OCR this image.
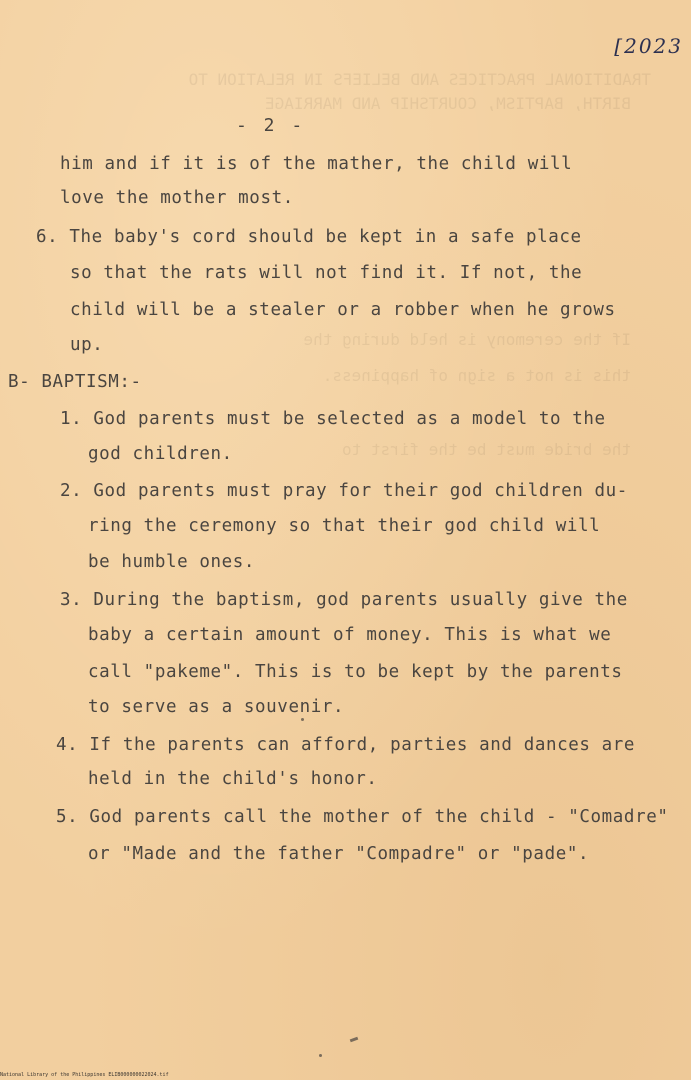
TRADITIONAL PRACTICES AND BELIEFS IN RELATION TO
BIRTH, BAPTISM, COURTSHIP AND MARRIAGE
If the ceremony is held during the
this is not a sign of happiness.
the bride must be the first to
[2023
- 2 -
him and if it is of the mather, the child will
love the mother most.
6. The baby's cord should be kept in a safe place
so that the rats will not find it. If not, the
child will be a stealer or a robber when he grows
up.
B- BAPTISM:-
1. God parents must be selected as a model to the
god children.
2. God parents must pray for their god children du-
ring the ceremony so that their god child will
be humble ones.
3. During the baptism, god parents usually give the
baby a certain amount of money. This is what we
call "pakeme". This is to be kept by the parents
to serve as a souvenir.
4. If the parents can afford, parties and dances are
held in the child's honor.
5. God parents call the mother of the child - "Comadre"
or "Made and the father "Compadre" or "pade".
National Library of the Philippines ELIB000000022024.tif
